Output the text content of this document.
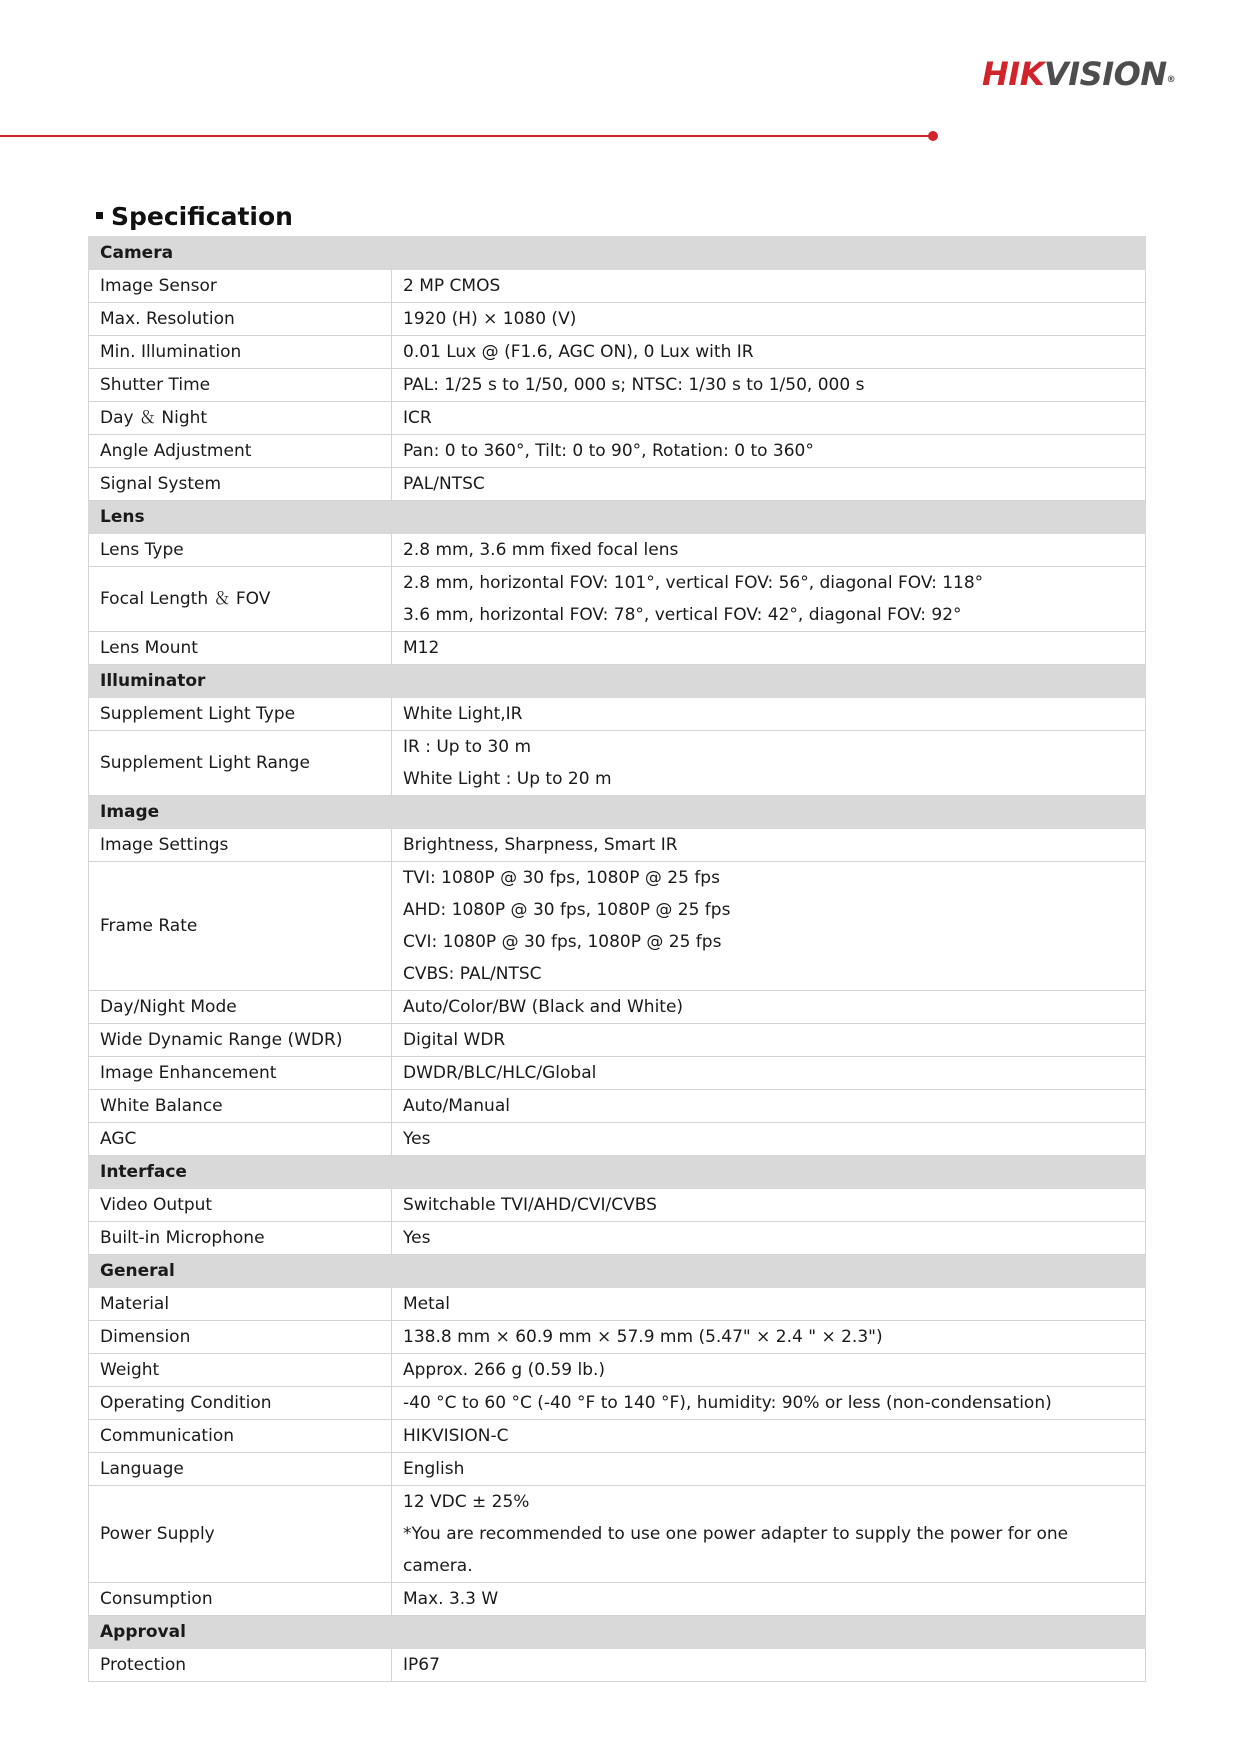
HIKVISION®
Specification
Camera	
Image Sensor	2 MP CMOS

Max. Resolution	1920 (H) × 1080 (V)

Min. Illumination	0.01 Lux @ (F1.6, AGC ON), 0 Lux with IR

Shutter Time	PAL: 1/25 s to 1/50, 000 s; NTSC: 1/30 s to 1/50, 000 s

Day ＆ Night	ICR

Angle Adjustment	Pan: 0 to 360°, Tilt: 0 to 90°, Rotation: 0 to 360°

Signal System	PAL/NTSC

Lens	
Lens Type	2.8 mm, 3.6 mm fixed focal lens

Focal Length ＆ FOV	2.8 mm, horizontal FOV: 101°, vertical FOV: 56°, diagonal FOV: 118°
3.6 mm, horizontal FOV: 78°, vertical FOV: 42°, diagonal FOV: 92°

Lens Mount	M12

Illuminator	
Supplement Light Type	White Light,IR

Supplement Light Range	IR : Up to 30 m
White Light : Up to 20 m

Image	
Image Settings	Brightness, Sharpness, Smart IR

Frame Rate	TVI: 1080P @ 30 fps, 1080P @ 25 fps
AHD: 1080P @ 30 fps, 1080P @ 25 fps
CVI: 1080P @ 30 fps, 1080P @ 25 fps
CVBS: PAL/NTSC

Day/Night Mode	Auto/Color/BW (Black and White)

Wide Dynamic Range (WDR)	Digital WDR

Image Enhancement	DWDR/BLC/HLC/Global

White Balance	Auto/Manual

AGC	Yes

Interface	
Video Output	Switchable TVI/AHD/CVI/CVBS

Built-in Microphone	Yes

General	
Material	Metal

Dimension	138.8 mm × 60.9 mm × 57.9 mm (5.47" × 2.4 " × 2.3")

Weight	Approx. 266 g (0.59 lb.)

Operating Condition	-40 °C to 60 °C (-40 °F to 140 °F), humidity: 90% or less (non-condensation)

Communication	HIKVISION-C

Language	English

Power Supply	12 VDC ± 25%
*You are recommended to use one power adapter to supply the power for one
camera.

Consumption	Max. 3.3 W

Approval	
Protection	IP67
